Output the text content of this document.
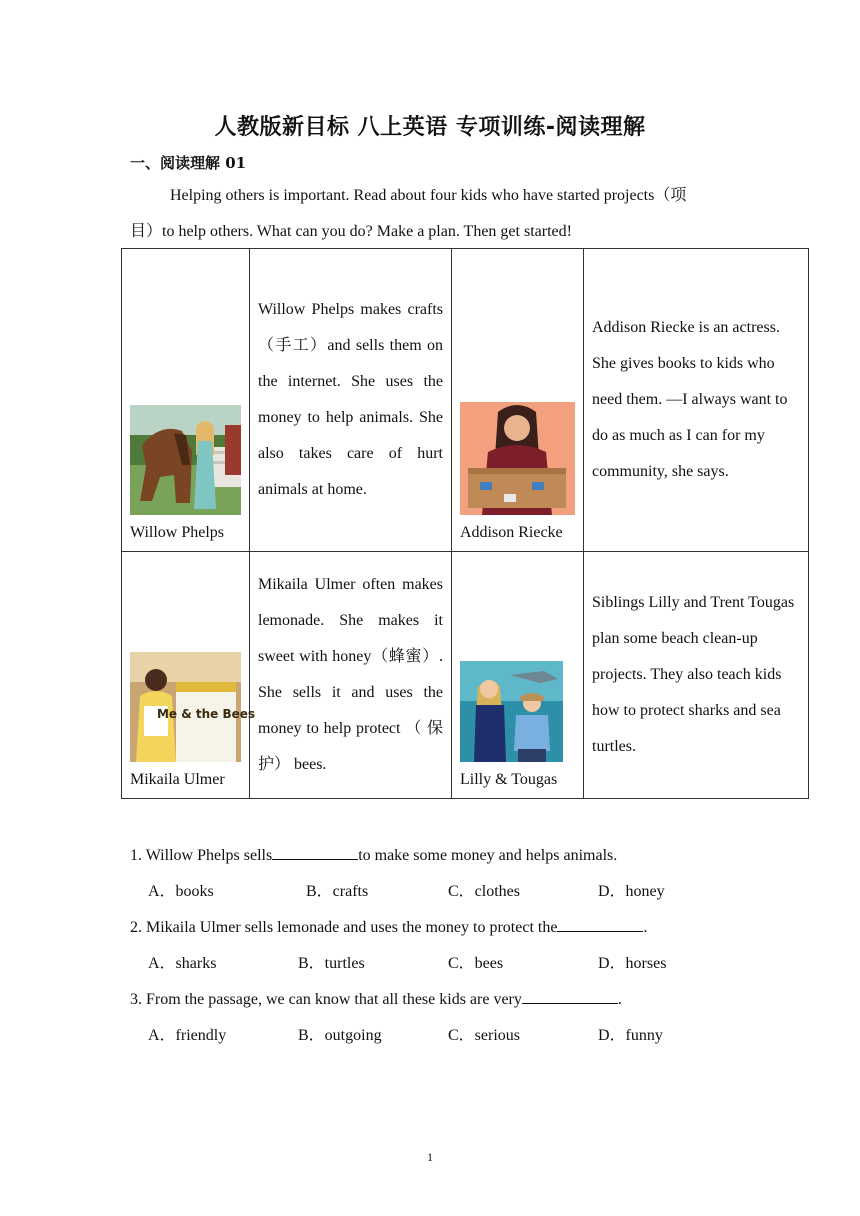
人教版新目标 八上英语 专项训练-阅读理解
一、阅读理解 01
Helping others is important. Read about four kids who have started projects（项
目）to help others. What can you do? Make a plan. Then get started!
Willow Phelps	Willow Phelps makes crafts（手工）and sells them on the internet. She uses the money to help animals. She also takes care of hurt animals at home.	Addison Riecke	Addison Riecke is an actress. She gives books to kids who need them. ―I always want to do as much as I can for my community, she says.

Me & the Bees
Mikaila Ulmer	Mikaila Ulmer often makes lemonade. She makes it sweet with honey（蜂蜜）. She sells it and uses the money to help protect （ 保护） bees.	Lilly & Tougas	Siblings Lilly and Trent Tougas plan some beach clean-up projects. They also teach kids how to protect sharks and sea turtles.
1. Willow Phelps sells	to make some money and helps animals.
A．books	B．crafts	C．clothes	D．honey
2. Mikaila Ulmer sells lemonade and uses the money to protect the	.
A．sharks	B．turtles	C．bees	D．horses
3. From the passage, we can know that all these kids are very	.
A．friendly	B．outgoing	C．serious	D．funny
1
